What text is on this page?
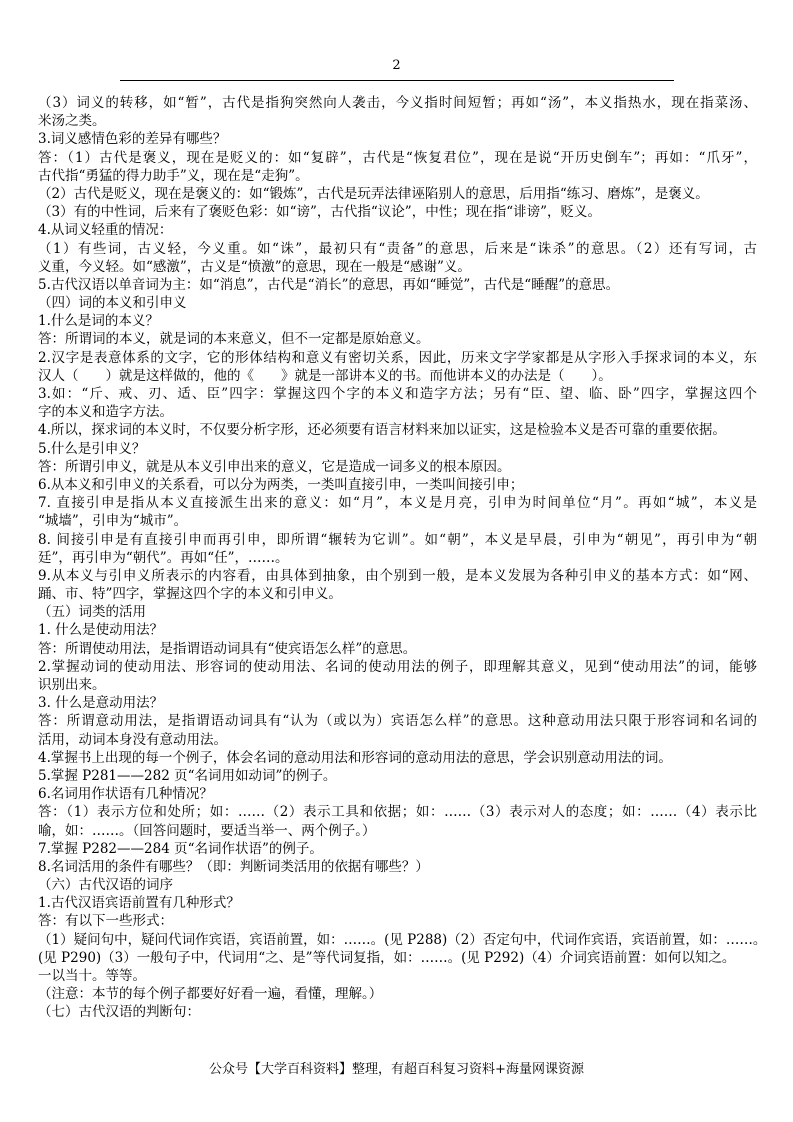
2
（3）词义的转移，如“暂”，古代是指狗突然向人袭击，今义指时间短暂；再如“汤”，本义指热水，现在指菜汤、
米汤之类。
3.词义感情色彩的差异有哪些？
答：（1）古代是褒义，现在是贬义的：如“复辟”，古代是“恢复君位”，现在是说“开历史倒车”；再如：“爪牙”，
古代指“勇猛的得力助手”义，现在是“走狗”。
（2）古代是贬义，现在是褒义的：如“锻炼”，古代是玩弄法律诬陷别人的意思，后用指“练习、磨炼”，是褒义。
（3）有的中性词，后来有了褒贬色彩：如“谤”，古代指“议论”，中性；现在指“诽谤”，贬义。
4.从词义轻重的情况：
（1）有些词，古义轻，今义重。如“诛”，最初只有“责备”的意思，后来是“诛杀”的意思。（2）还有写词，古
义重，今义轻。如“感激”，古义是“愤激”的意思，现在一般是“感谢”义。
5.古代汉语以单音词为主：如“消息”，古代是“消长”的意思，再如“睡觉”，古代是“睡醒”的意思。
（四）词的本义和引申义
1.什么是词的本义？
答：所谓词的本义，就是词的本来意义，但不一定都是原始意义。
2.汉字是表意体系的文字，它的形体结构和意义有密切关系，因此，历来文字学家都是从字形入手探求词的本义，东
汉人（　　）就是这样做的，他的《　　》就是一部讲本义的书。而他讲本义的办法是（　　）。
3.如：“斤、戒、刃、适、臣”四字：掌握这四个字的本义和造字方法；另有“臣、望、临、卧”四字，掌握这四个
字的本义和造字方法。
4.所以，探求词的本义时，不仅要分析字形，还必须要有语言材料来加以证实，这是检验本义是否可靠的重要依据。
5.什么是引申义？
答：所谓引申义，就是从本义引申出来的意义，它是造成一词多义的根本原因。
6.从本义和引申义的关系看，可以分为两类，一类叫直接引申，一类叫间接引申；
7. 直接引申是指从本义直接派生出来的意义：如“月”，本义是月亮，引申为时间单位“月”。再如“城”，本义是
“城墙”，引申为“城市”。
8. 间接引申是有直接引申而再引申，即所谓“辗转为它训”。如“朝”，本义是早晨，引申为“朝见”，再引申为“朝
廷”，再引申为“朝代”。再如“任”，……。
9.从本义与引申义所表示的内容看，由具体到抽象，由个别到一般，是本义发展为各种引申义的基本方式：如“网、
踊、市、特”四字，掌握这四个字的本义和引申义。
（五）词类的活用
1. 什么是使动用法？
答：所谓使动用法，是指谓语动词具有“使宾语怎么样”的意思。
2.掌握动词的使动用法、形容词的使动用法、名词的使动用法的例子，即理解其意义，见到“使动用法”的词，能够
识别出来。
3. 什么是意动用法？
答：所谓意动用法，是指谓语动词具有“认为（或以为）宾语怎么样”的意思。这种意动用法只限于形容词和名词的
活用，动词本身没有意动用法。
4.掌握书上出现的每一个例子，体会名词的意动用法和形容词的意动用法的意思，学会识别意动用法的词。
5.掌握 P281——282 页“名词用如动词”的例子。
6.名词用作状语有几种情况？
答：（1）表示方位和处所；如：……（2）表示工具和依据；如：……（3）表示对人的态度；如：……（4）表示比
喻，如：……。（回答问题时，要适当举一、两个例子。）
7.掌握 P282——284 页“名词作状语”的例子。
8.名词活用的条件有哪些？（即：判断词类活用的依据有哪些？）
（六）古代汉语的词序
1.古代汉语宾语前置有几种形式？
答：有以下一些形式：
（1）疑问句中，疑问代词作宾语，宾语前置，如：……。(见 P288)（2）否定句中，代词作宾语，宾语前置，如：……。
(见 P290)（3）一般句子中，代词用“之、是”等代词复指，如：……。(见 P292)（4）介词宾语前置：如何以知之。
一以当十。等等。
（注意：本节的每个例子都要好好看一遍，看懂，理解。）
（七）古代汉语的判断句：
公众号【大学百科资料】整理，有超百科复习资料+海量网课资源
